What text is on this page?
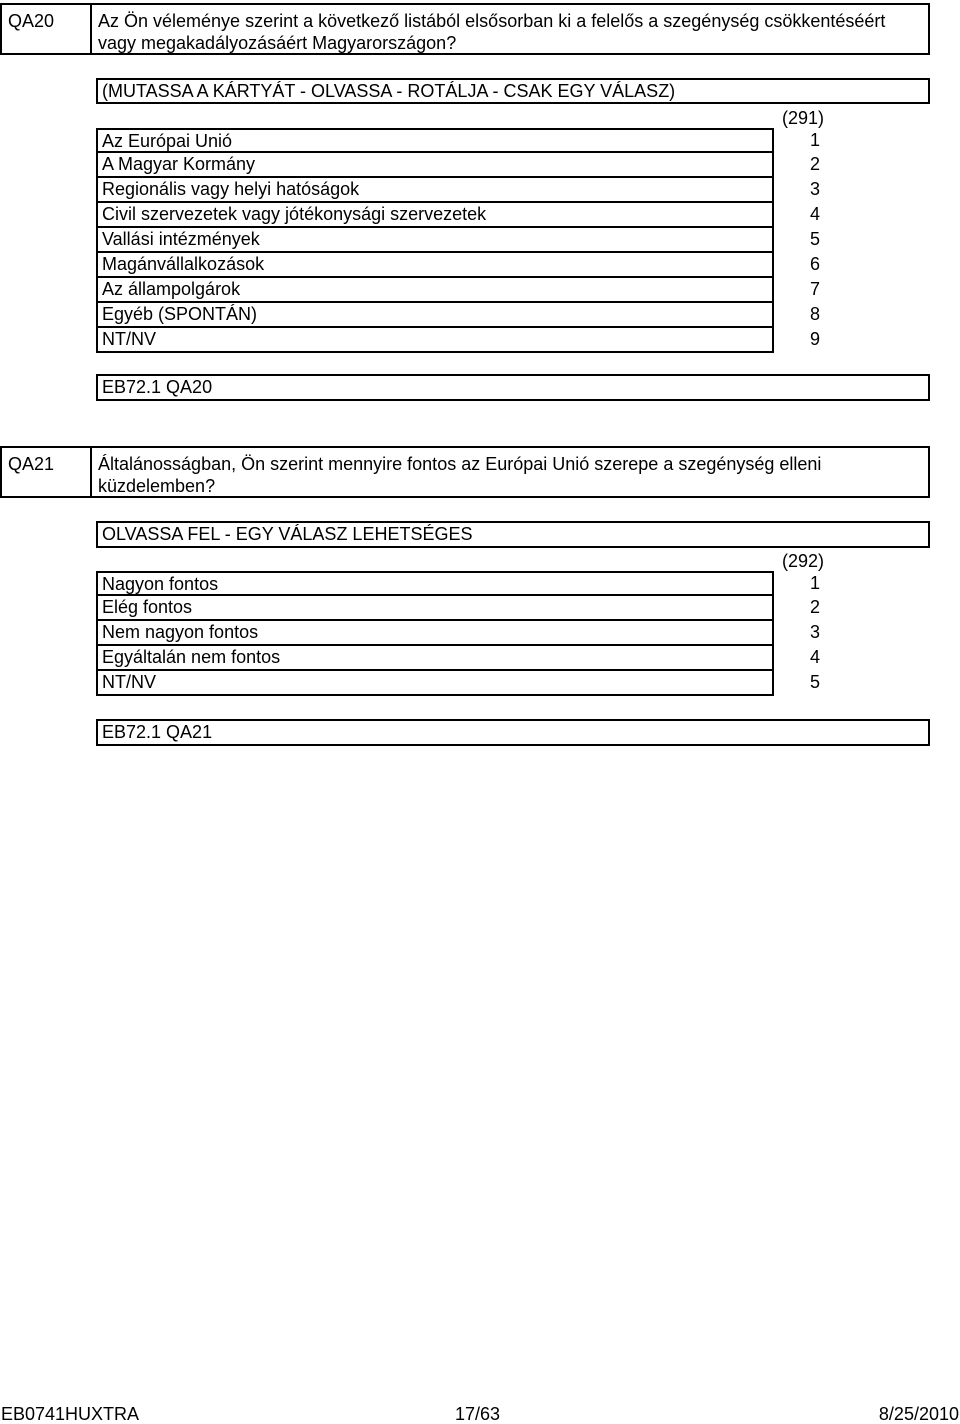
QA20	Az Ön véleménye szerint a következő listából elsősorban ki a felelős a szegénység csökkentéséért vagy megakadályozásáért Magyarországon?
(MUTASSA A KÁRTYÁT - OLVASSA - ROTÁLJA - CSAK EGY VÁLASZ)
(291)
Az Európai Unió	1
A Magyar Kormány	2
Regionális vagy helyi hatóságok	3
Civil szervezetek vagy jótékonysági szervezetek	4
Vallási intézmények	5
Magánvállalkozások	6
Az állampolgárok	7
Egyéb (SPONTÁN)	8
NT/NV	9
EB72.1 QA20
QA21	Általánosságban, Ön szerint mennyire fontos az Európai Unió szerepe a szegénység elleni küzdelemben?
OLVASSA FEL - EGY VÁLASZ LEHETSÉGES
(292)
Nagyon fontos	1
Elég fontos	2
Nem nagyon fontos	3
Egyáltalán nem fontos	4
NT/NV	5
EB72.1 QA21
EB0741HUXTRA	17/63	8/25/2010
